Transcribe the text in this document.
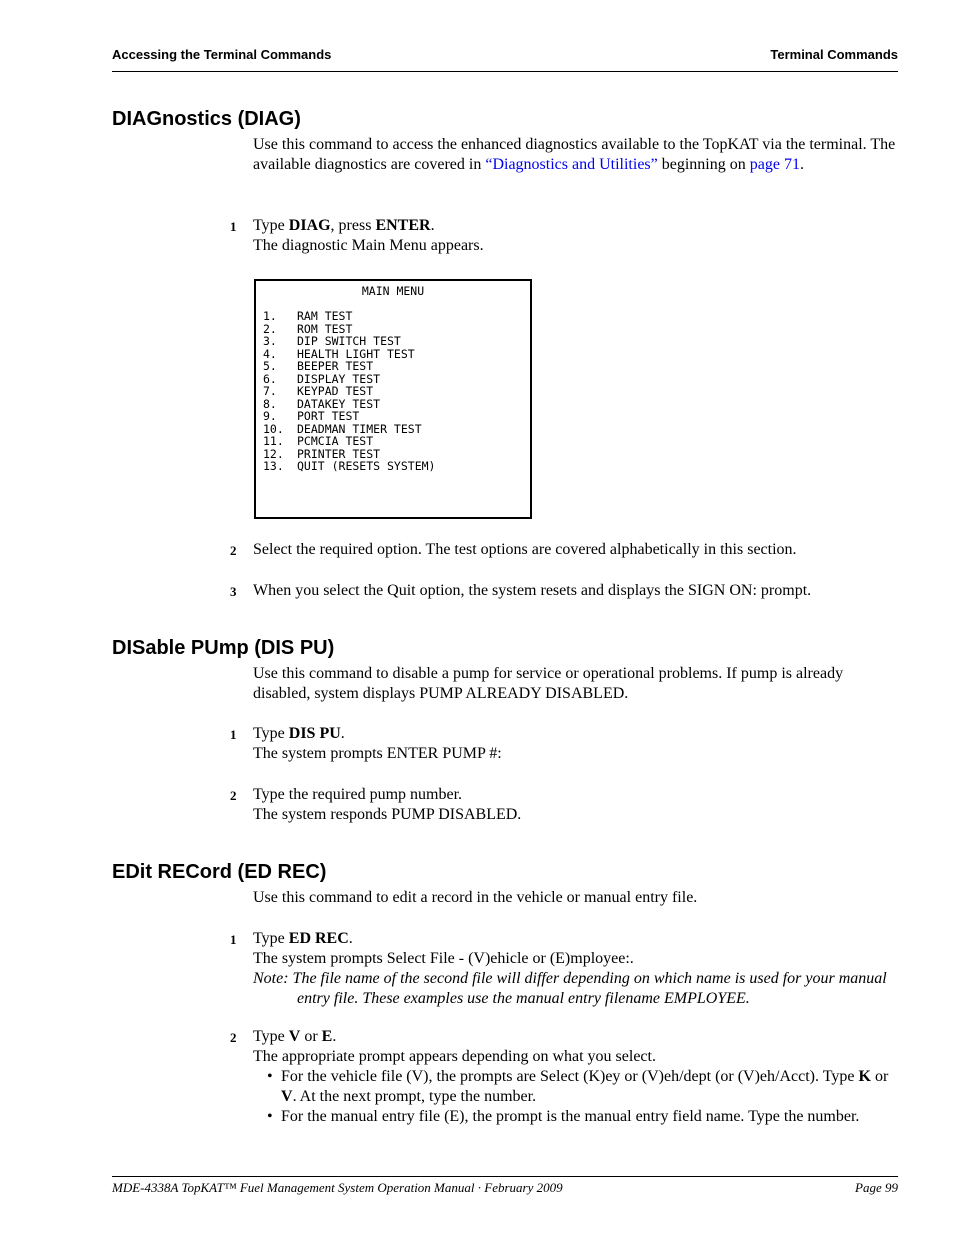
Accessing the Terminal Commands	Terminal Commands
DIAGnostics (DIAG)
Use this command to access the enhanced diagnostics available to the TopKAT via the terminal. The available diagnostics are covered in “Diagnostics and Utilities” beginning on page 71.
1 Type DIAG, press ENTER.
The diagnostic Main Menu appears.
MAIN MENU
1. RAM TEST
2. ROM TEST
3. DIP SWITCH TEST
4. HEALTH LIGHT TEST
5. BEEPER TEST
6. DISPLAY TEST
7. KEYPAD TEST
8. DATAKEY TEST
9. PORT TEST
10. DEADMAN TIMER TEST
11. PCMCIA TEST
12. PRINTER TEST
13. QUIT (RESETS SYSTEM)
2 Select the required option. The test options are covered alphabetically in this section.
3 When you select the Quit option, the system resets and displays the SIGN ON: prompt.
DISable PUmp (DIS PU)
Use this command to disable a pump for service or operational problems. If pump is already disabled, system displays PUMP ALREADY DISABLED.
1 Type DIS PU.
The system prompts ENTER PUMP #:
2 Type the required pump number.
The system responds PUMP DISABLED.
EDit RECord (ED REC)
Use this command to edit a record in the vehicle or manual entry file.
1 Type ED REC.
The system prompts Select File - (V)ehicle or (E)mployee:.
Note: The file name of the second file will differ depending on which name is used for your manual entry file. These examples use the manual entry filename EMPLOYEE.
2 Type V or E.
The appropriate prompt appears depending on what you select.
• For the vehicle file (V), the prompts are Select (K)ey or (V)eh/dept (or (V)eh/Acct). Type K or V. At the next prompt, type the number.
• For the manual entry file (E), the prompt is the manual entry field name. Type the number.
MDE-4338A TopKAT™ Fuel Management System Operation Manual · February 2009	Page 99
